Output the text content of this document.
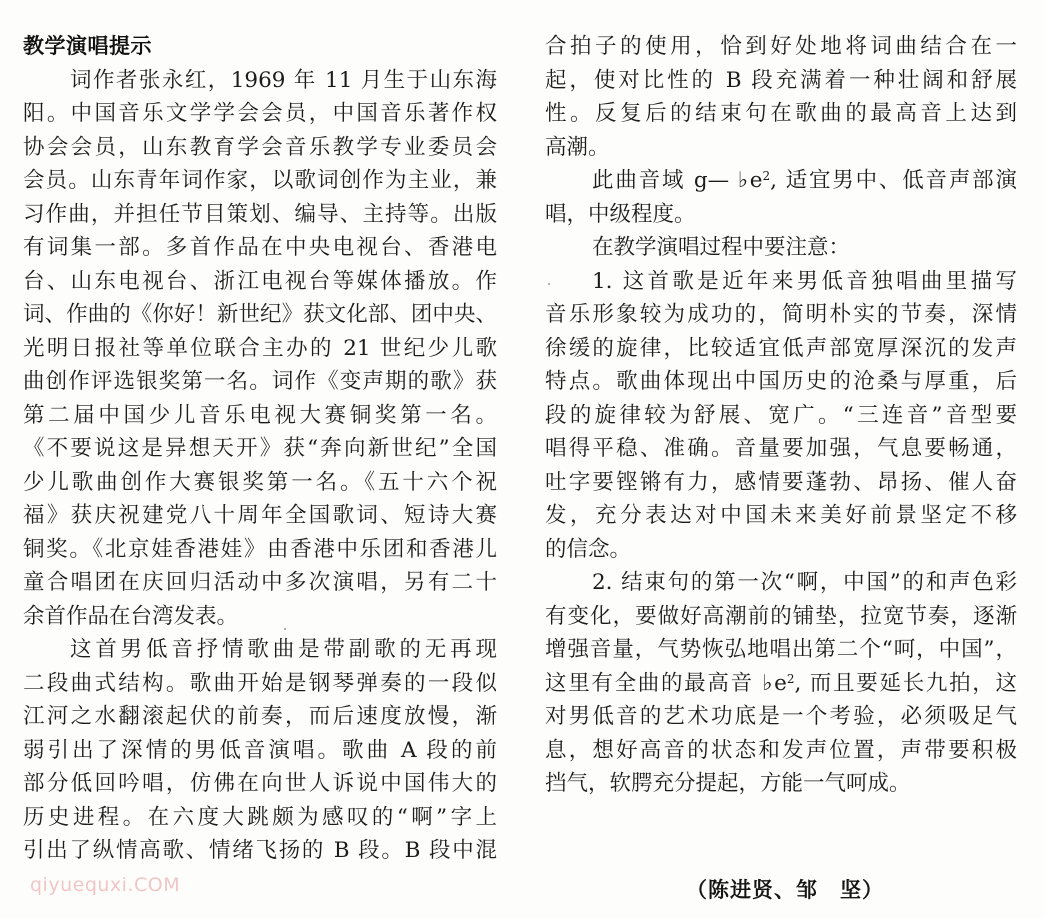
教学演唱提示
词作者张永红，1969 年 11 月生于山东海
阳。中国音乐文学学会会员，中国音乐著作权
协会会员，山东教育学会音乐教学专业委员会
会员。山东青年词作家，以歌词创作为主业，兼
习作曲，并担任节目策划、编导、主持等。出版
有词集一部。多首作品在中央电视台、香港电
台、山东电视台、浙江电视台等媒体播放。作
词、作曲的《你好！新世纪》获文化部、团中央、
光明日报社等单位联合主办的 21 世纪少儿歌
曲创作评选银奖第一名。词作《变声期的歌》获
第二届中国少儿音乐电视大赛铜奖第一名。
《不要说这是异想天开》获“奔向新世纪”全国
少儿歌曲创作大赛银奖第一名。《五十六个祝
福》获庆祝建党八十周年全国歌词、短诗大赛
铜奖。《北京娃香港娃》由香港中乐团和香港儿
童合唱团在庆回归活动中多次演唱，另有二十
余首作品在台湾发表。
这首男低音抒情歌曲是带副歌的无再现
二段曲式结构。歌曲开始是钢琴弹奏的一段似
江河之水翻滚起伏的前奏，而后速度放慢，渐
弱引出了深情的男低音演唱。歌曲 A 段的前
部分低回吟唱，仿佛在向世人诉说中国伟大的
历史进程。在六度大跳颇为感叹的“啊”字上
引出了纵情高歌、情绪飞扬的 B 段。B 段中混
合拍子的使用，恰到好处地将词曲结合在一
起，使对比性的 B 段充满着一种壮阔和舒展
性。反复后的结束句在歌曲的最高音上达到
高潮。
此曲音域 g— $♭e^2$, 适宜男中、低音声部演
唱，中级程度。
在教学演唱过程中要注意：
1. 这首歌是近年来男低音独唱曲里描写
音乐形象较为成功的，简明朴实的节奏，深情
徐缓的旋律，比较适宜低声部宽厚深沉的发声
特点。歌曲体现出中国历史的沧桑与厚重，后
段的旋律较为舒展、宽广。“三连音”音型要
唱得平稳、准确。音量要加强，气息要畅通，
吐字要铿锵有力，感情要蓬勃、昂扬、催人奋
发，充分表达对中国未来美好前景坚定不移
的信念。
2. 结束句的第一次“啊，中国”的和声色彩
有变化，要做好高潮前的铺垫，拉宽节奏，逐渐
增强音量，气势恢弘地唱出第二个“呵，中国”，
这里有全曲的最高音 $♭e^2$, 而且要延长九拍，这
对男低音的艺术功底是一个考验，必须吸足气
息，想好高音的状态和发声位置，声带要积极
挡气，软腭充分提起，方能一气呵成。
（陈进贤、邹　坚）
qiyuequxi.COM
